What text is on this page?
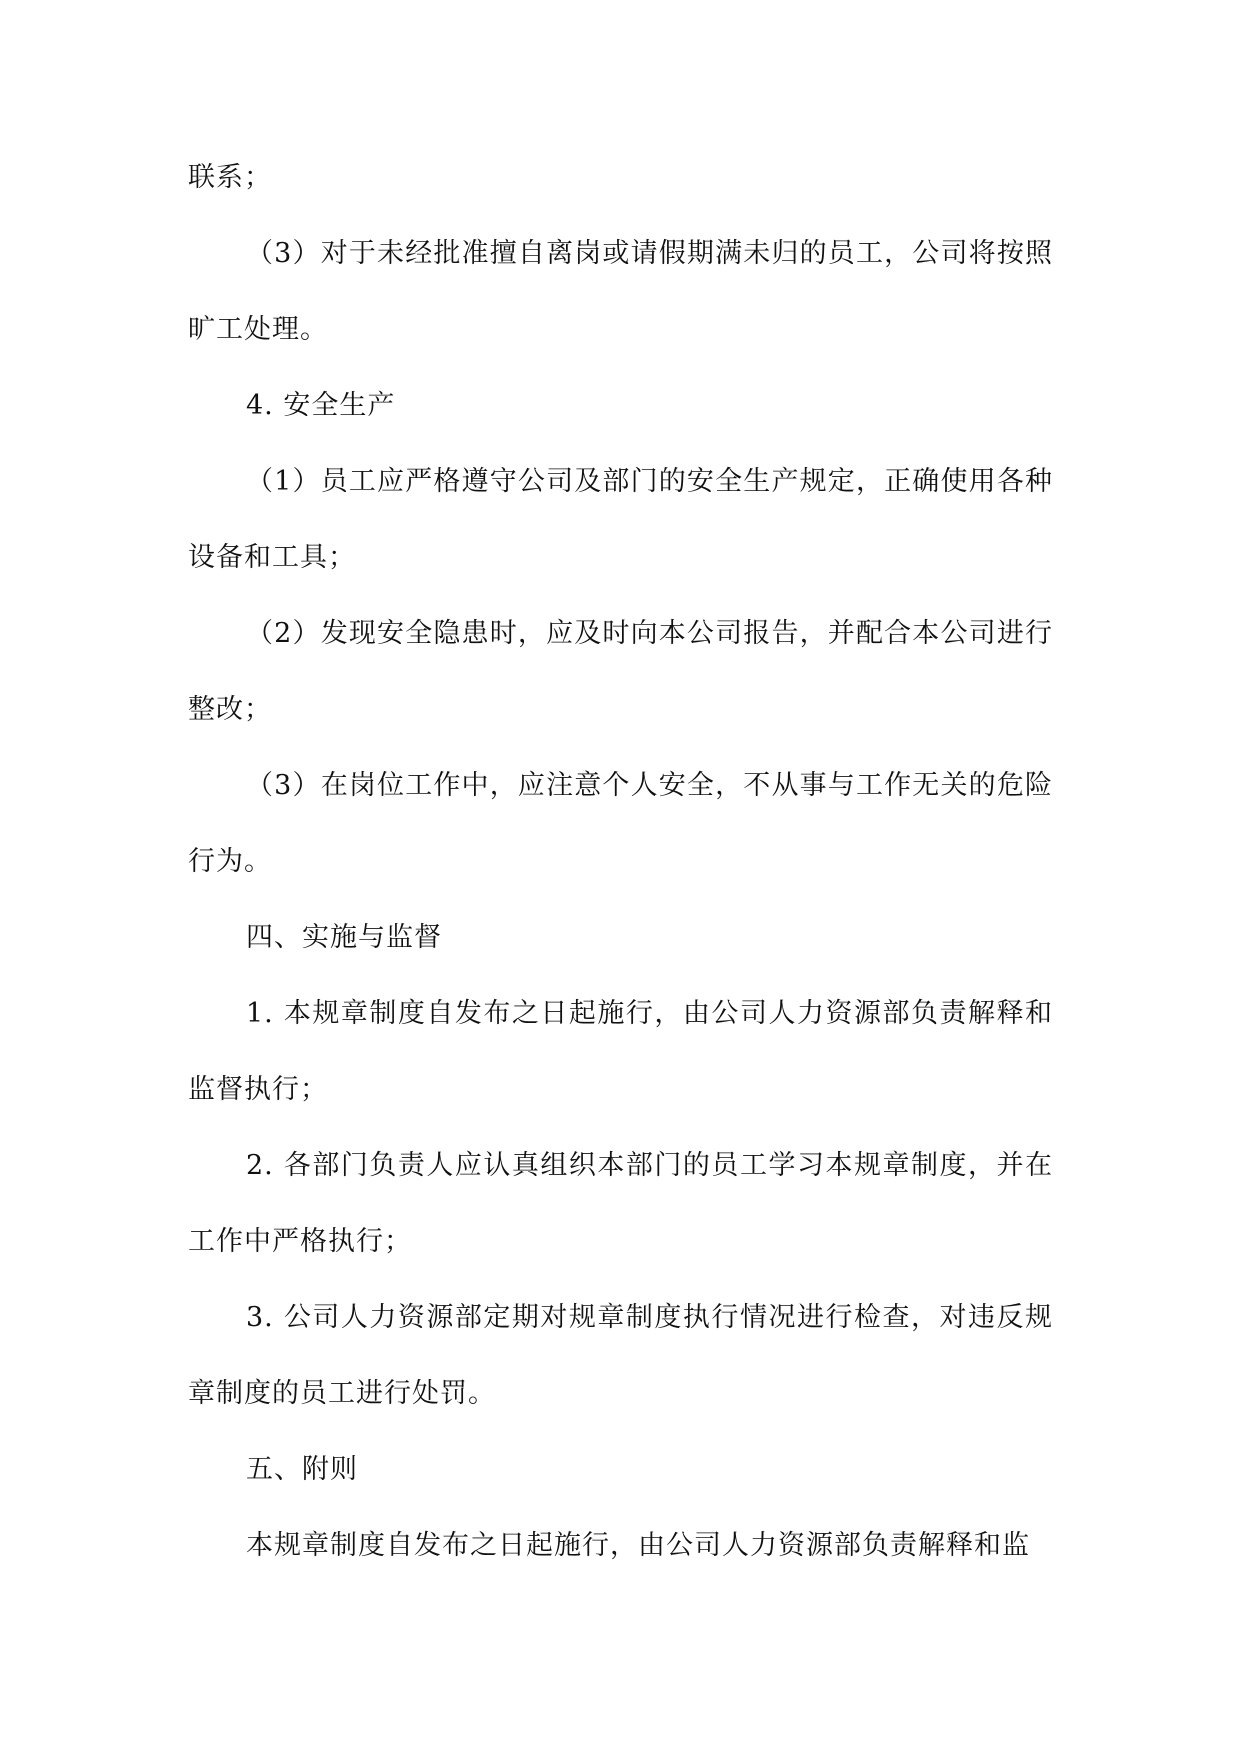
联系；

（3）对于未经批准擅自离岗或请假期满未归的员工，公司将按照旷工处理。

4. 安全生产

（1）员工应严格遵守公司及部门的安全生产规定，正确使用各种设备和工具；

（2）发现安全隐患时，应及时向本公司报告，并配合本公司进行整改；

（3）在岗位工作中，应注意个人安全，不从事与工作无关的危险行为。

四、实施与监督

1. 本规章制度自发布之日起施行，由公司人力资源部负责解释和监督执行；

2. 各部门负责人应认真组织本部门的员工学习本规章制度，并在工作中严格执行；

3. 公司人力资源部定期对规章制度执行情况进行检查，对违反规章制度的员工进行处罚。

五、附则

本规章制度自发布之日起施行，由公司人力资源部负责解释和监
